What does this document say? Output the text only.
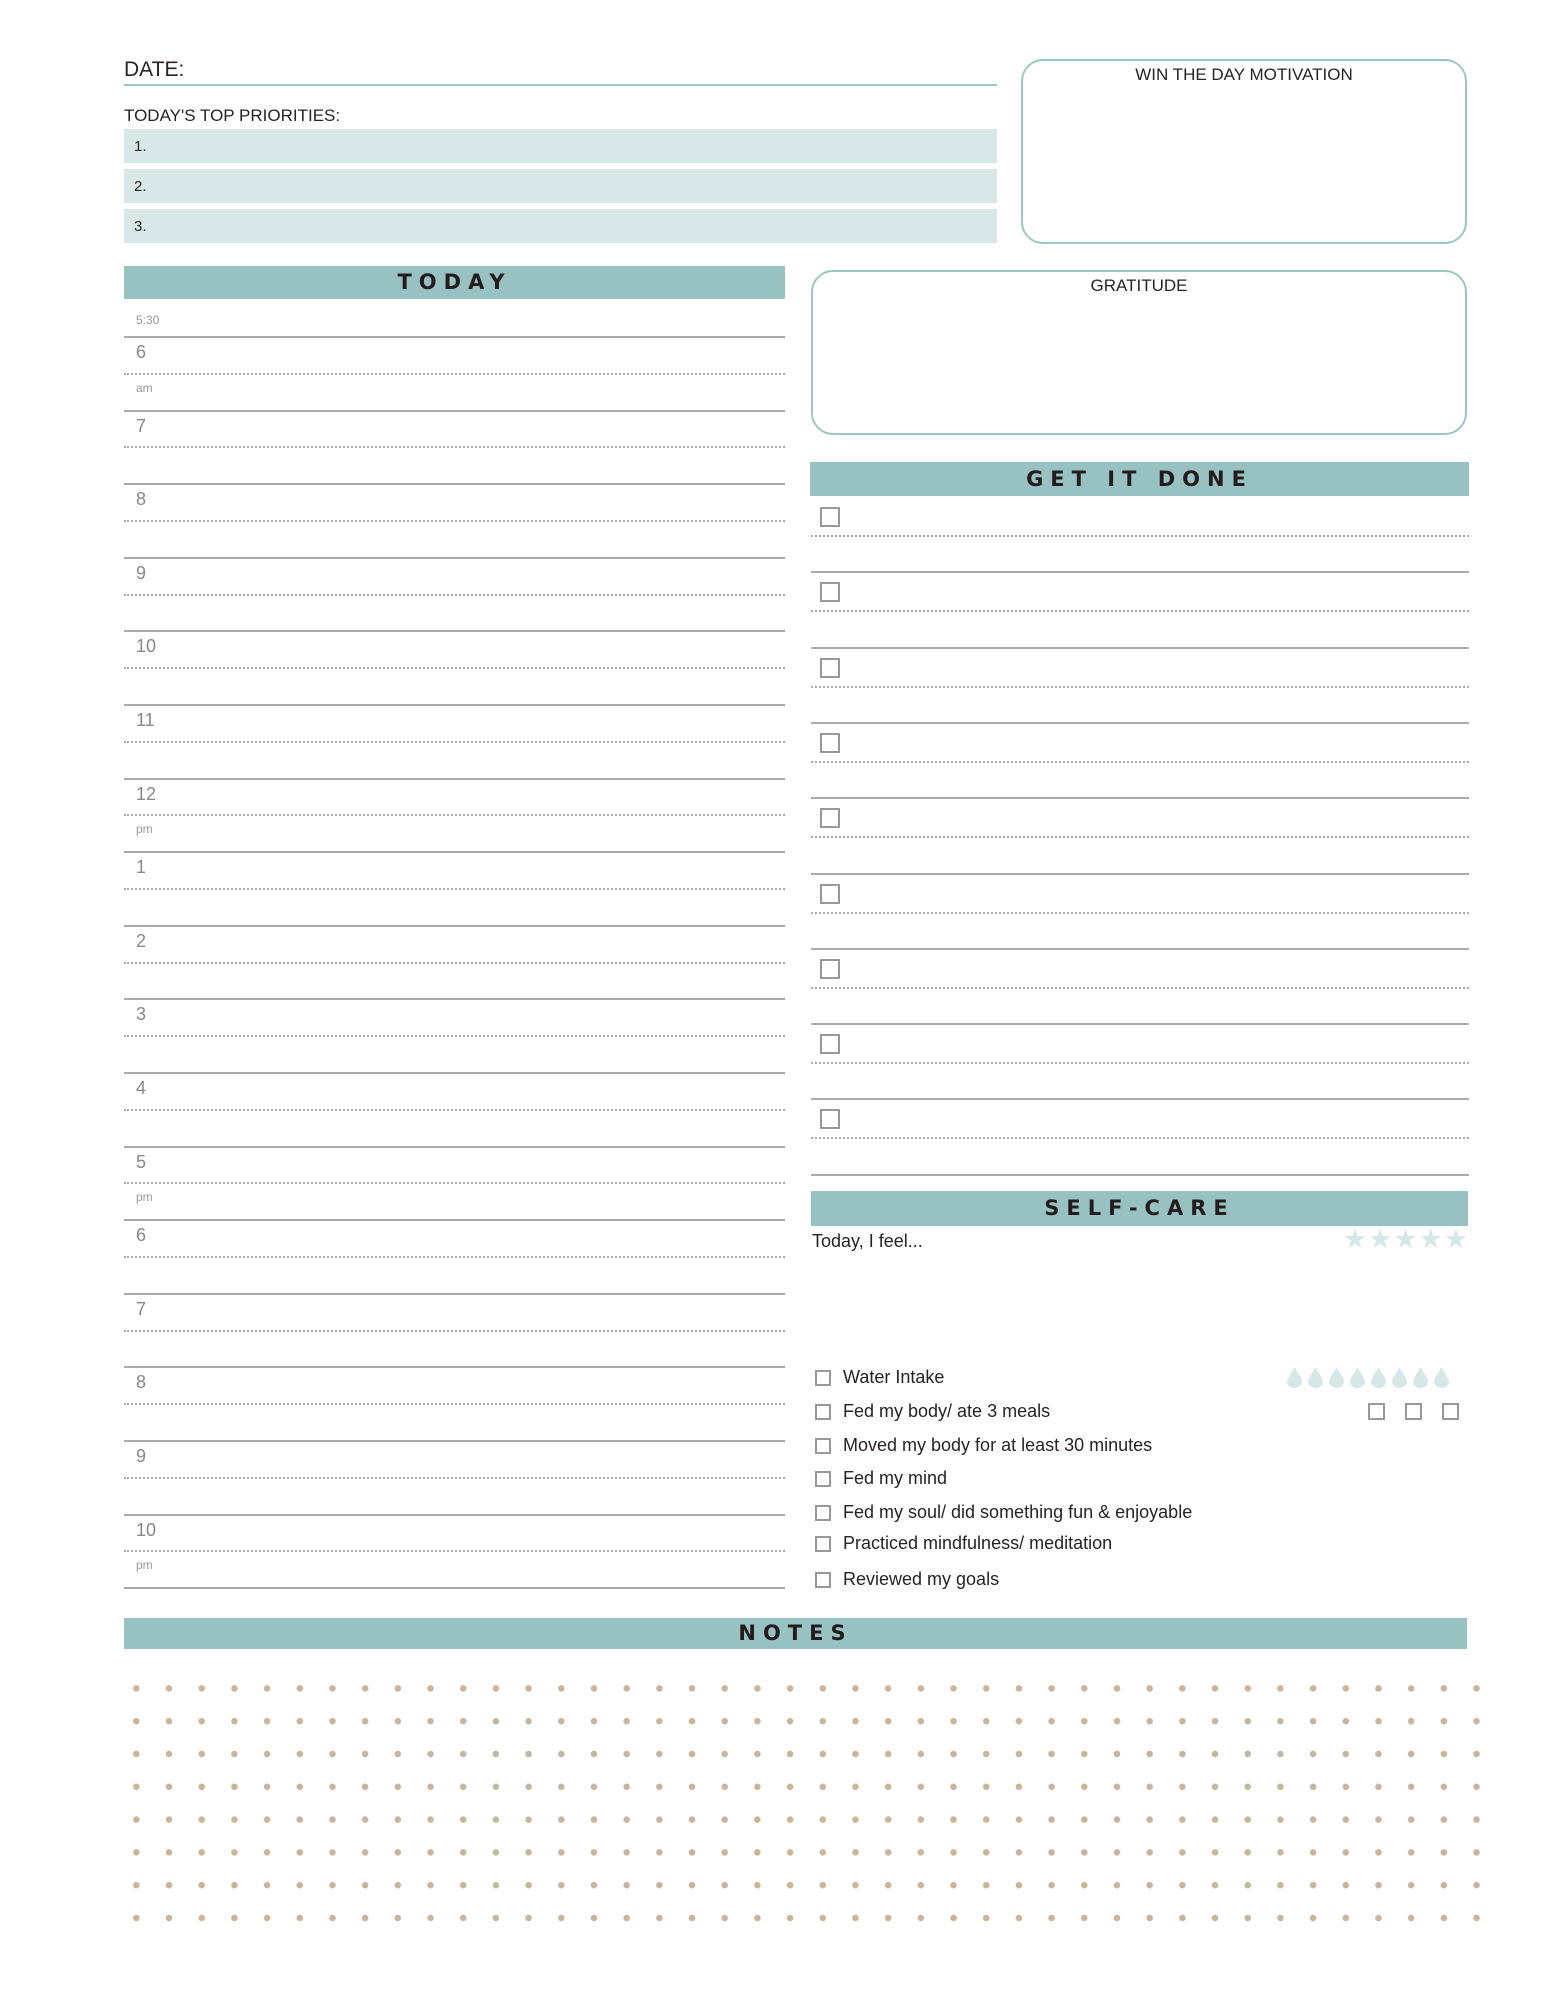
DATE:	WIN THE DAY MOTIVATION
TODAY'S TOP PRIORITIES:
1.
2.
3.
TODAY
5:30
6
am
7
8
9
10
11
12
pm
1
2
3
4
5
pm
6
7
8
9
10
pm
GRATITUDE
GET IT DONE
SELF-CARE
Today, I feel...	★★★★★
Water Intake
Fed my body/ ate 3 meals
Moved my body for at least 30 minutes
Fed my mind
Fed my soul/ did something fun & enjoyable
Practiced mindfulness/ meditation
Reviewed my goals
NOTES
